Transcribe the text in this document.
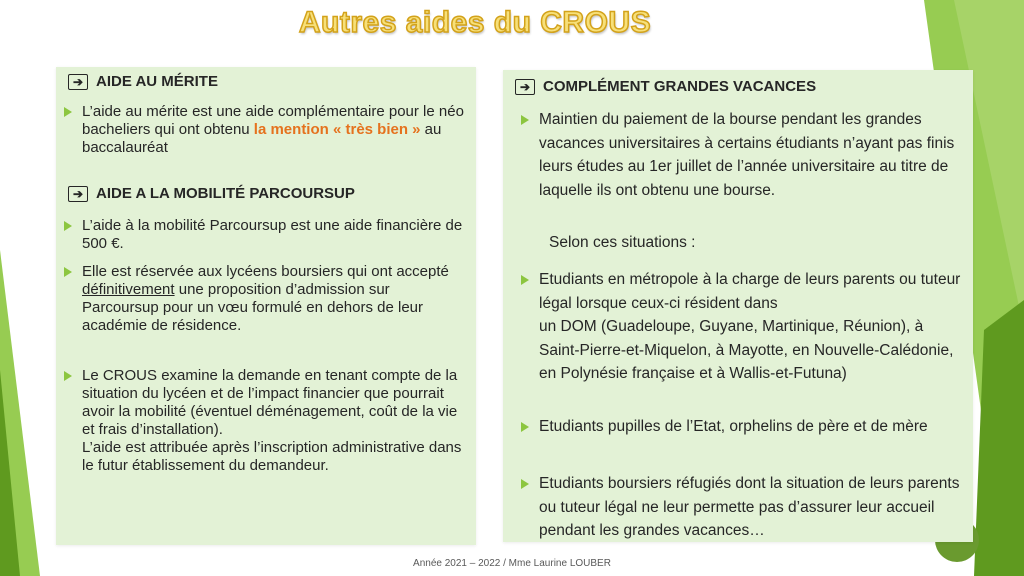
Autres aides du CROUS
➔ AIDE AU MÉRITE
L’aide au mérite est une aide complémentaire pour le néo bacheliers qui ont obtenu la mention « très bien » au baccalauréat
➔ AIDE A LA MOBILITÉ PARCOURSUP
L’aide à la mobilité Parcoursup est une aide financière de 500 €.
Elle est réservée aux lycéens boursiers qui ont accepté définitivement une proposition d’admission sur Parcoursup pour un vœu formulé en dehors de leur académie de résidence.
Le CROUS examine la demande en tenant compte de la situation du lycéen et de l’impact financier que pourrait avoir la mobilité (éventuel déménagement, coût de la vie et frais d’installation).
L’aide est attribuée après l’inscription administrative dans le futur établissement du demandeur.
➔ COMPLÉMENT GRANDES VACANCES
Maintien du paiement de la bourse pendant les grandes vacances universitaires à certains étudiants n’ayant pas finis leurs études au 1er juillet de l’année universitaire au titre de laquelle ils ont obtenu une bourse.
Selon ces situations :
Etudiants en métropole à la charge de leurs parents ou tuteur légal lorsque ceux-ci résident dans
un DOM (Guadeloupe, Guyane, Martinique, Réunion), à Saint-Pierre-et-Miquelon, à Mayotte, en Nouvelle-Calédonie, en Polynésie française et à Wallis-et-Futuna)
Etudiants pupilles de l’Etat, orphelins de père et de mère
Etudiants boursiers réfugiés dont la situation de leurs parents ou tuteur légal ne leur permette pas d’assurer leur accueil pendant les grandes vacances…
Année 2021 – 2022 / Mme Laurine LOUBER
